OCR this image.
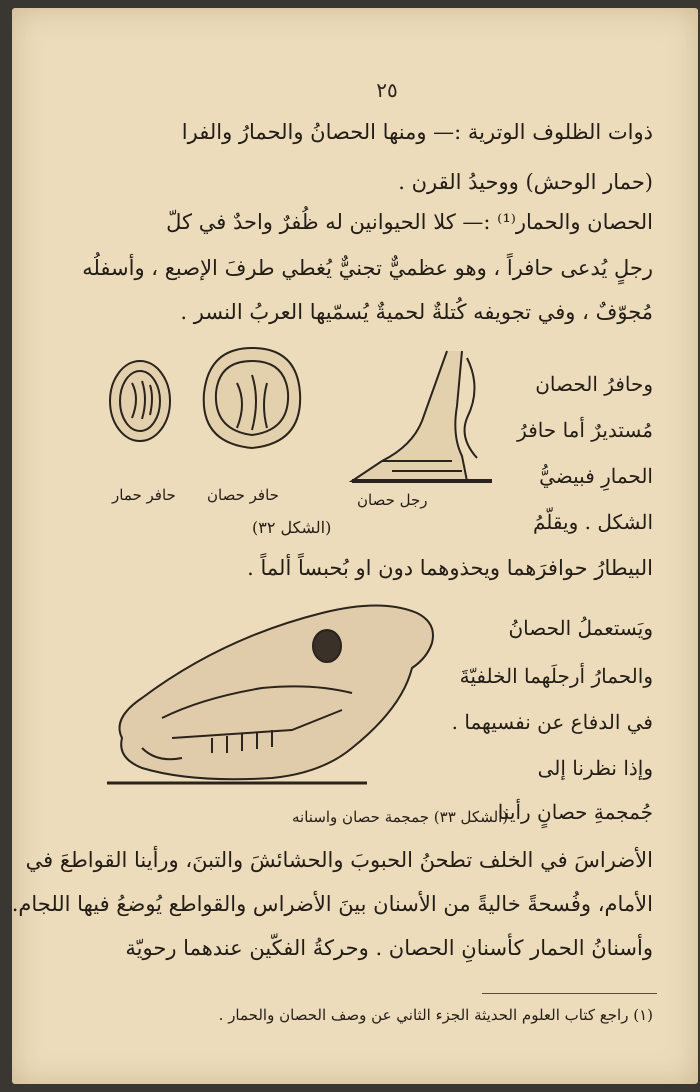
٢٥
ذوات الظلوف الوترية :— ومنها الحصانُ والحمارُ والفرا
(حمار الوحش) ووحيدُ القرن .
الحصان والحمار⁽¹⁾ :— كلا الحيوانين له ظُفرٌ واحدٌ في كلّ
رجلٍ يُدعى حافراً ، وهو عظميٌّ تجنيٌّ يُغطي طرفَ الإصبع ، وأسفلُه
مُجوّفٌ ، وفي تجويفه كُتلةٌ لحميةٌ يُسمّيها العربُ النسر .
وحافرُ الحصان
مُستديرٌ أما حافرُ
الحمارِ فبيضيُّ
الشكل . ويقلّمُ
حافر حمار حافر حصان	رجل حصان
(الشكل ٣٢)
البيطارُ حوافرَهما ويحذوهما دون او بُحبساً ألماً .
ويَستعملُ الحصانُ
والحمارُ أرجلَهما الخلفيّةَ
في الدفاع عن نفسيهما .
وإذا نظرنا إلى
جُمجمةِ حصانٍ رأينا
(الشكل ٣٣) جمجمة حصان واسنانه
الأضراسَ في الخلف تطحنُ الحبوبَ والحشائشَ والتبنَ، ورأينا القواطعَ في
الأمام، وفُسحةً خاليةً من الأسنان بينَ الأضراس والقواطع يُوضعُ فيها اللجام.
وأسنانُ الحمار كأسنانِ الحصان . وحركةُ الفكّين عندهما رحويّة
(١) راجع كتاب العلوم الحديثة الجزء الثاني عن وصف الحصان والحمار .
